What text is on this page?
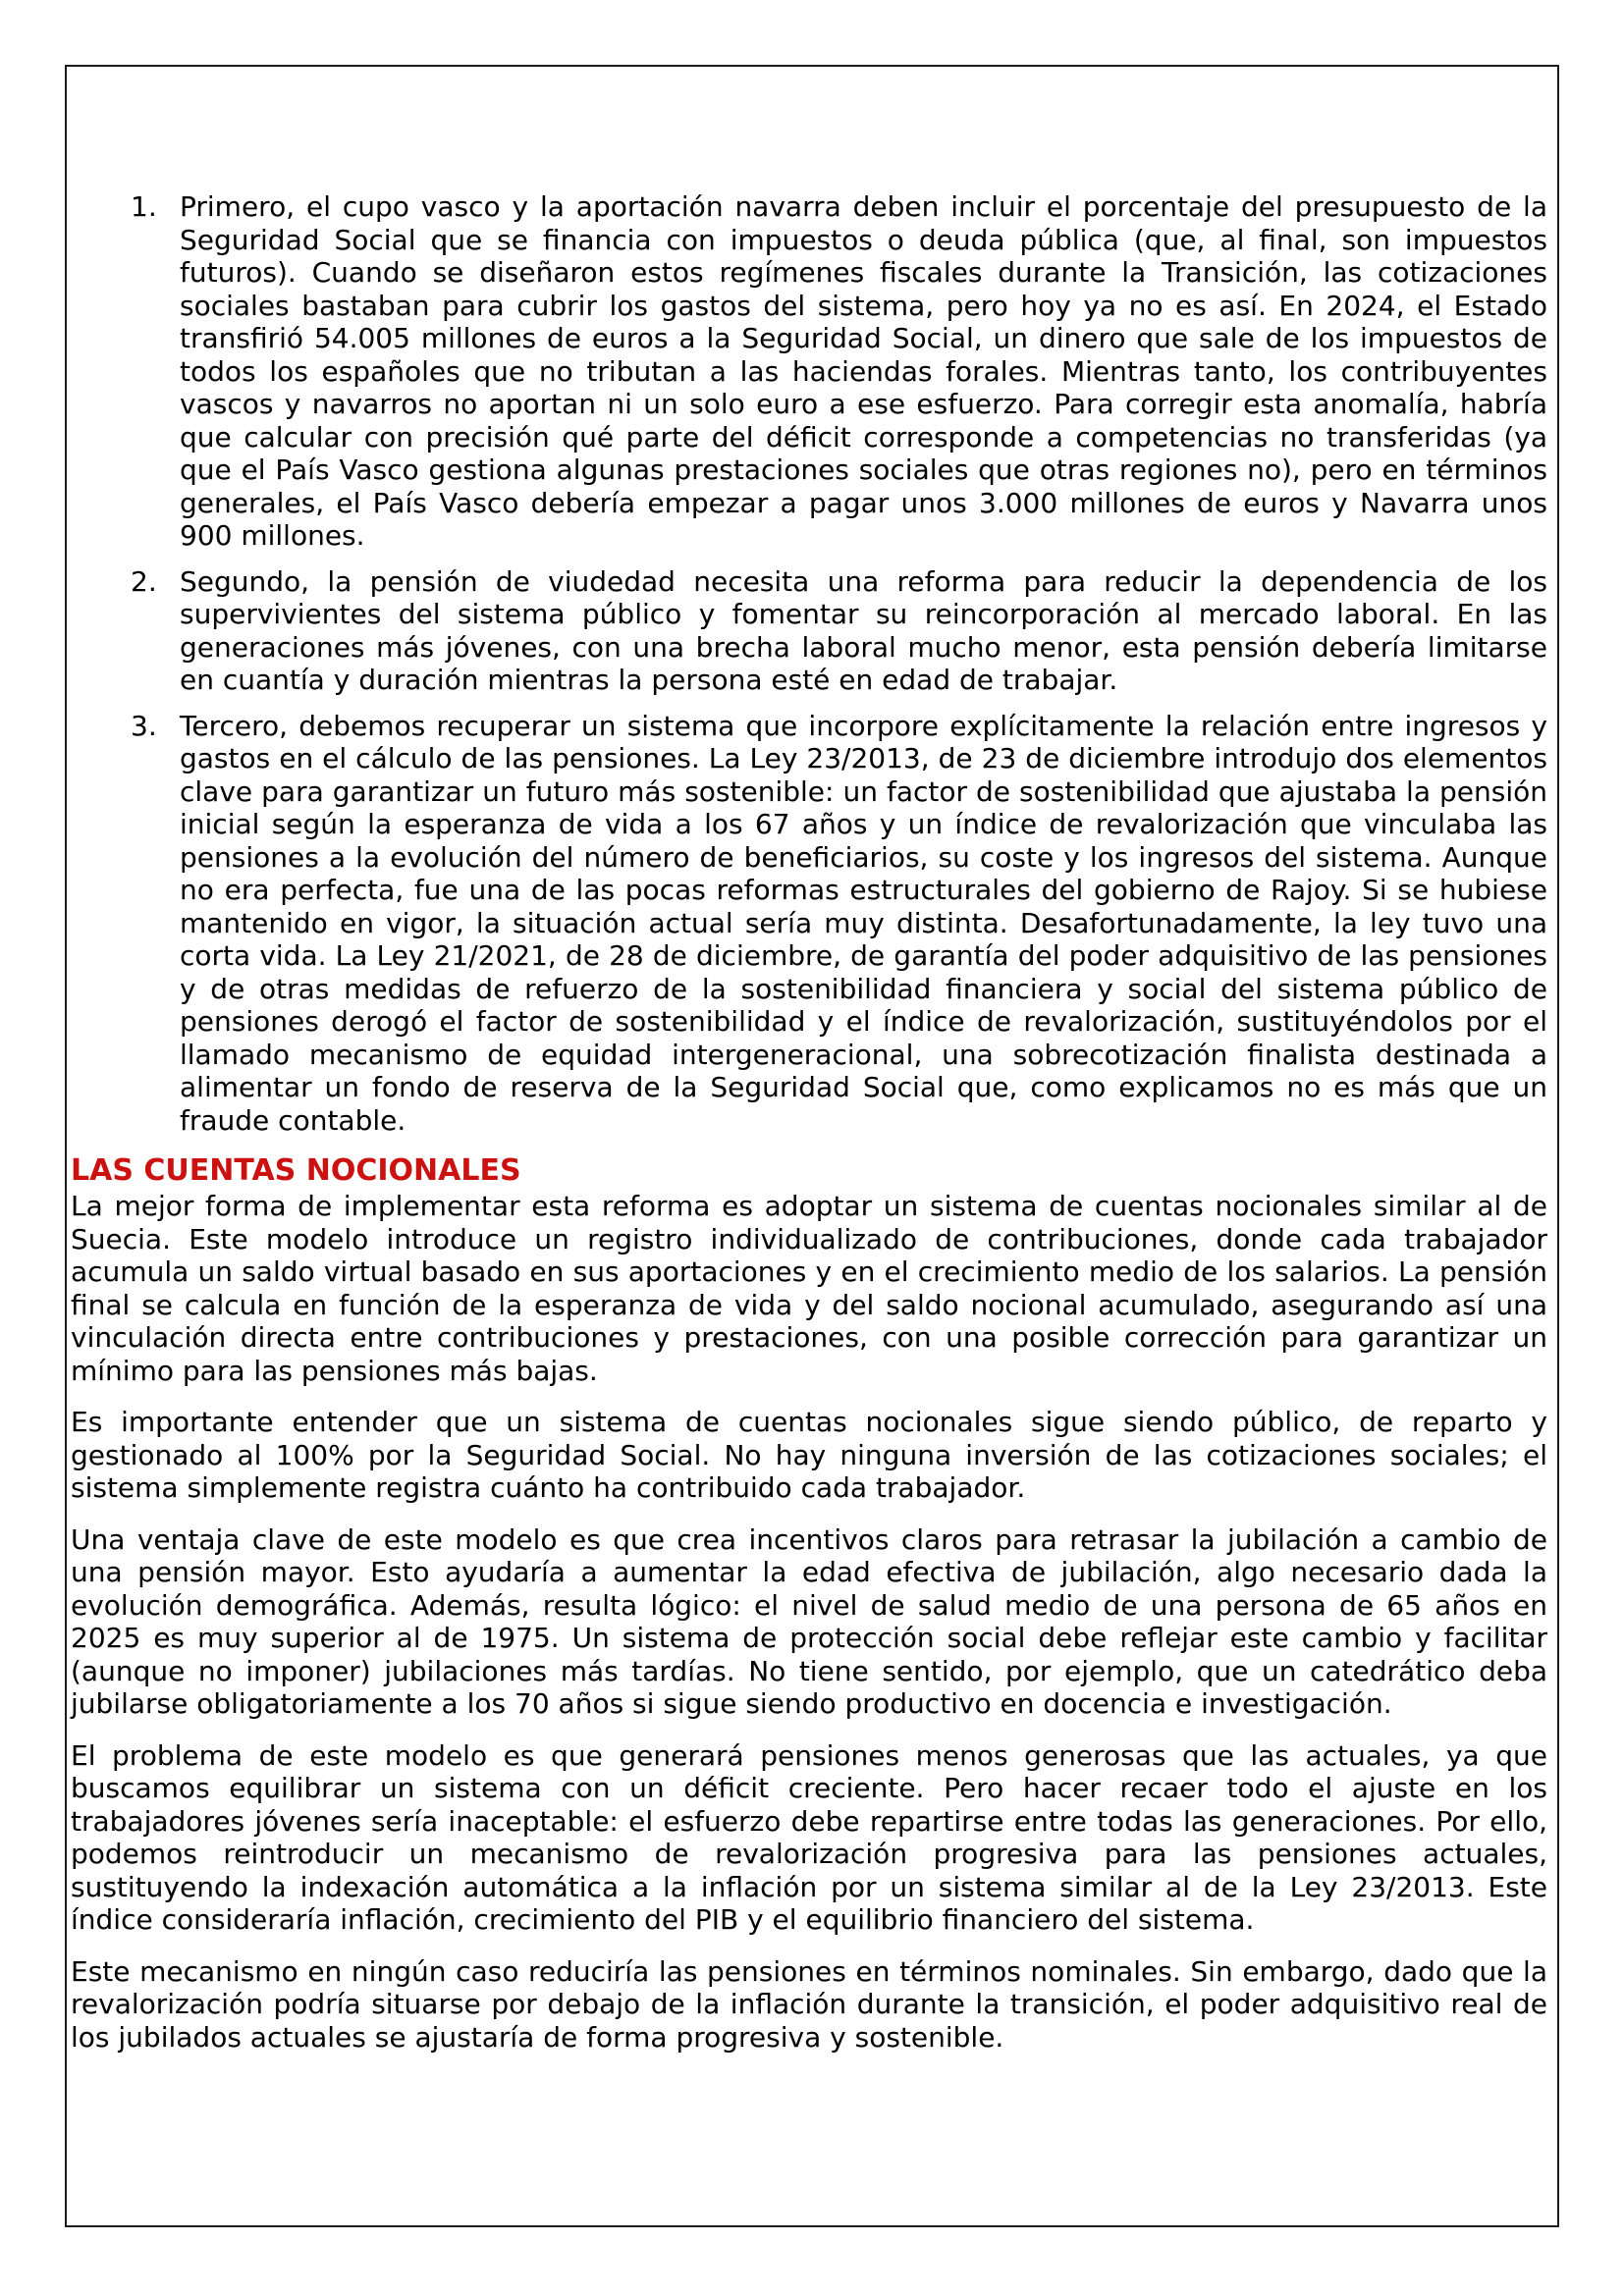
1. Primero, el cupo vasco y la aportación navarra deben incluir el porcentaje del presupuesto de la Seguridad Social que se financia con impuestos o deuda pública (que, al final, son impuestos futuros). Cuando se diseñaron estos regímenes fiscales durante la Transición, las cotizaciones sociales bastaban para cubrir los gastos del sistema, pero hoy ya no es así. En 2024, el Estado transfirió 54.005 millones de euros a la Seguridad Social, un dinero que sale de los impuestos de todos los españoles que no tributan a las haciendas forales. Mientras tanto, los contribuyentes vascos y navarros no aportan ni un solo euro a ese esfuerzo. Para corregir esta anomalía, habría que calcular con precisión qué parte del déficit corresponde a competencias no transferidas (ya que el País Vasco gestiona algunas prestaciones sociales que otras regiones no), pero en términos generales, el País Vasco debería empezar a pagar unos 3.000 millones de euros y Navarra unos 900 millones.
2. Segundo, la pensión de viudedad necesita una reforma para reducir la dependencia de los supervivientes del sistema público y fomentar su reincorporación al mercado laboral. En las generaciones más jóvenes, con una brecha laboral mucho menor, esta pensión debería limitarse en cuantía y duración mientras la persona esté en edad de trabajar.
3. Tercero, debemos recuperar un sistema que incorpore explícitamente la relación entre ingresos y gastos en el cálculo de las pensiones. La Ley 23/2013, de 23 de diciembre introdujo dos elementos clave para garantizar un futuro más sostenible: un factor de sostenibilidad que ajustaba la pensión inicial según la esperanza de vida a los 67 años y un índice de revalorización que vinculaba las pensiones a la evolución del número de beneficiarios, su coste y los ingresos del sistema. Aunque no era perfecta, fue una de las pocas reformas estructurales del gobierno de Rajoy. Si se hubiese mantenido en vigor, la situación actual sería muy distinta. Desafortunadamente, la ley tuvo una corta vida. La Ley 21/2021, de 28 de diciembre, de garantía del poder adquisitivo de las pensiones y de otras medidas de refuerzo de la sostenibilidad financiera y social del sistema público de pensiones derogó el factor de sostenibilidad y el índice de revalorización, sustituyéndolos por el llamado mecanismo de equidad intergeneracional, una sobrecotización finalista destinada a alimentar un fondo de reserva de la Seguridad Social que, como explicamos no es más que un fraude contable.
LAS CUENTAS NOCIONALES

La mejor forma de implementar esta reforma es adoptar un sistema de cuentas nocionales similar al de Suecia. Este modelo introduce un registro individualizado de contribuciones, donde cada trabajador acumula un saldo virtual basado en sus aportaciones y en el crecimiento medio de los salarios. La pensión final se calcula en función de la esperanza de vida y del saldo nocional acumulado, asegurando así una vinculación directa entre contribuciones y prestaciones, con una posible corrección para garantizar un mínimo para las pensiones más bajas.

Es importante entender que un sistema de cuentas nocionales sigue siendo público, de reparto y gestionado al 100% por la Seguridad Social. No hay ninguna inversión de las cotizaciones sociales; el sistema simplemente registra cuánto ha contribuido cada trabajador.

Una ventaja clave de este modelo es que crea incentivos claros para retrasar la jubilación a cambio de una pensión mayor. Esto ayudaría a aumentar la edad efectiva de jubilación, algo necesario dada la evolución demográfica. Además, resulta lógico: el nivel de salud medio de una persona de 65 años en 2025 es muy superior al de 1975. Un sistema de protección social debe reflejar este cambio y facilitar (aunque no imponer) jubilaciones más tardías. No tiene sentido, por ejemplo, que un catedrático deba jubilarse obligatoriamente a los 70 años si sigue siendo productivo en docencia e investigación.

El problema de este modelo es que generará pensiones menos generosas que las actuales, ya que buscamos equilibrar un sistema con un déficit creciente. Pero hacer recaer todo el ajuste en los trabajadores jóvenes sería inaceptable: el esfuerzo debe repartirse entre todas las generaciones. Por ello, podemos reintroducir un mecanismo de revalorización progresiva para las pensiones actuales, sustituyendo la indexación automática a la inflación por un sistema similar al de la Ley 23/2013. Este índice consideraría inflación, crecimiento del PIB y el equilibrio financiero del sistema.

Este mecanismo en ningún caso reduciría las pensiones en términos nominales. Sin embargo, dado que la revalorización podría situarse por debajo de la inflación durante la transición, el poder adquisitivo real de los jubilados actuales se ajustaría de forma progresiva y sostenible.
